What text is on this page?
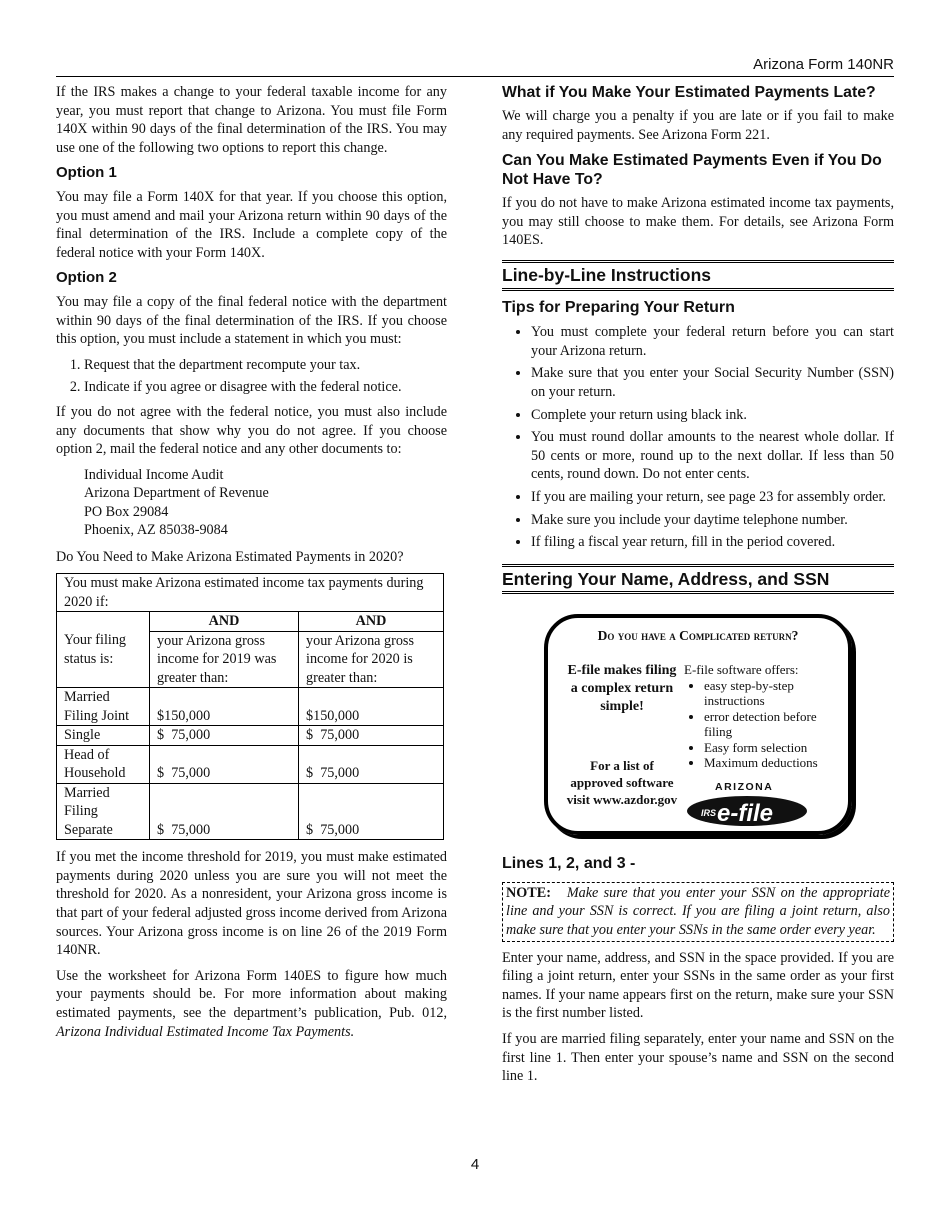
Arizona Form 140NR

If the IRS makes a change to your federal taxable income for any year, you must report that change to Arizona. You must file Form 140X within 90 days of the final determination of the IRS. You may use one of the following two options to report this change.

Option 1

You may file a Form 140X for that year. If you choose this option, you must amend and mail your Arizona return within 90 days of the final determination of the IRS. Include a complete copy of the federal notice with your Form 140X.

Option 2

You may file a copy of the final federal notice with the department within 90 days of the final determination of the IRS. If you choose this option, you must include a statement in which you must:

1. Request that the department recompute your tax.
2. Indicate if you agree or disagree with the federal notice.

If you do not agree with the federal notice, you must also include any documents that show why you do not agree. If you choose option 2, mail the federal notice and any other documents to:

Individual Income Audit
Arizona Department of Revenue
PO Box 29084
Phoenix, AZ 85038-9084

Do You Need to Make Arizona Estimated Payments in 2020?

You must make Arizona estimated income tax payments during 2020 if:		

Your filing status is:	AND	AND
	your Arizona gross income for 2019 was greater than:	your Arizona gross income for 2020 is greater than:
Married Filing Joint	$150,000	$150,000
Single	$  75,000	$  75,000
Head of Household	$  75,000	$  75,000
Married Filing Separate	$  75,000	$  75,000

If you met the income threshold for 2019, you must make estimated payments during 2020 unless you are sure you will not meet the threshold for 2020. As a nonresident, your Arizona gross income is that part of your federal adjusted gross income derived from Arizona sources. Your Arizona gross income is on line 26 of the 2019 Form 140NR.

Use the worksheet for Arizona Form 140ES to figure how much your payments should be. For more information about making estimated payments, see the department’s publication, Pub. 012, Arizona Individual Estimated Income Tax Payments.

What if You Make Your Estimated Payments Late?

We will charge you a penalty if you are late or if you fail to make any required payments. See Arizona Form 221.

Can You Make Estimated Payments Even if You Do Not Have To?

If you do not have to make Arizona estimated income tax payments, you may still choose to make them. For details, see Arizona Form 140ES.

Line-by-Line Instructions
Tips for Preparing Your Return
• You must complete your federal return before you can start your Arizona return.
• Make sure that you enter your Social Security Number (SSN) on your return.
• Complete your return using black ink.
• You must round dollar amounts to the nearest whole dollar. If 50 cents or more, round up to the next dollar. If less than 50 cents, round down. Do not enter cents.
• If you are mailing your return, see page 23 for assembly order.
• Make sure you include your daytime telephone number.
• If filing a fiscal year return, fill in the period covered.
Entering Your Name, Address, and SSN
Do you have a Complicated return?
E-file makes filing a complex return simple!
For a list of approved software visit www.azdor.gov
E-file software offers:
• easy step-by-step instructions
• error detection before filing
• Easy form selection
• Maximum deductions
ARIZONA
IRS e-file
Lines 1, 2, and 3 -
NOTE: Make sure that you enter your SSN on the appropriate line and your SSN is correct. If you are filing a joint return, also make sure that you enter your SSNs in the same order every year.

Enter your name, address, and SSN in the space provided. If you are filing a joint return, enter your SSNs in the same order as your first names. If your name appears first on the return, make sure your SSN is the first number listed.

If you are married filing separately, enter your name and SSN on the first line 1. Then enter your spouse’s name and SSN on the second line 1.

4
